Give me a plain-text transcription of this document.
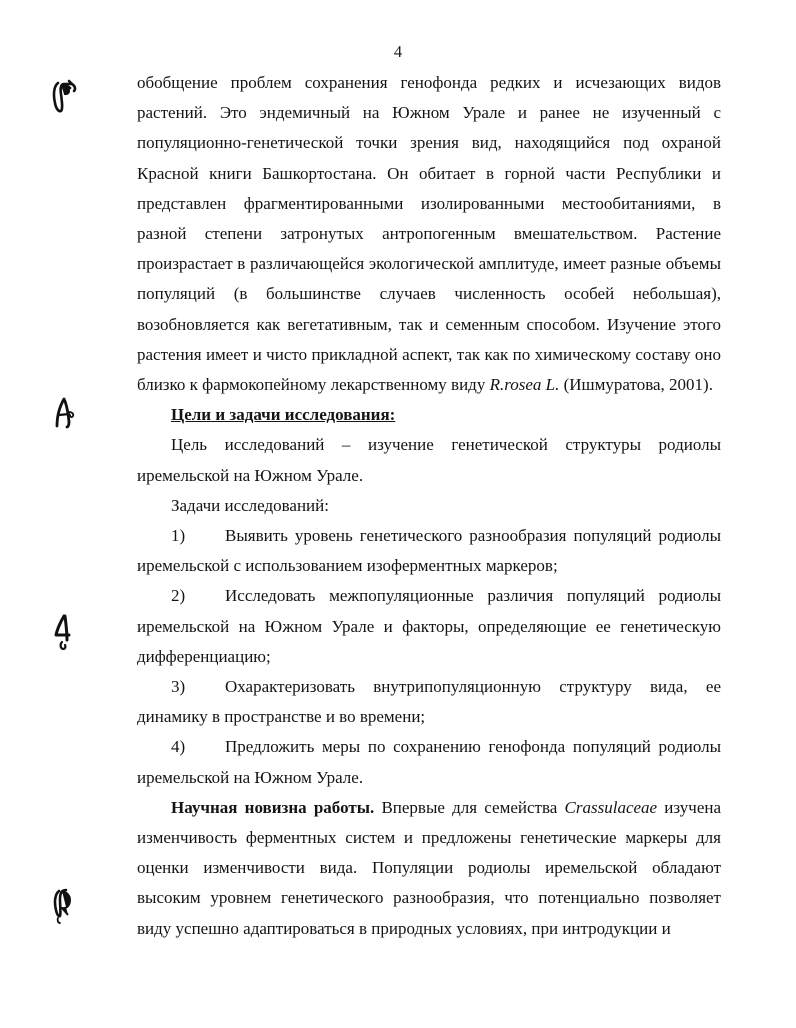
4

обобщение проблем сохранения генофонда редких и исчезающих видов растений. Это эндемичный на Южном Урале и ранее не изученный с популяционно-генетической точки зрения вид, находящийся под охраной Красной книги Башкортостана. Он обитает в горной части Республики и представлен фрагментированными изолированными местообитаниями, в разной степени затронутых антропогенным вмешательством. Растение произрастает в различающейся экологической амплитуде, имеет разные объемы популяций (в большинстве случаев численность особей небольшая), возобновляется как вегетативным, так и семенным способом. Изучение этого растения имеет и чисто прикладной аспект, так как по химическому составу оно близко к фармокопейному лекарственному виду R.rosea L. (Ишмуратова, 2001).

Цели и задачи исследования:

Цель исследований – изучение генетической структуры родиолы иремельской на Южном Урале.

Задачи исследований:

1) Выявить уровень генетического разнообразия популяций родиолы иремельской с использованием изоферментных маркеров;

2) Исследовать межпопуляционные различия популяций родиолы иремельской на Южном Урале и факторы, определяющие ее генетическую дифференциацию;

3) Охарактеризовать внутрипопуляционную структуру вида, ее динамику в пространстве и во времени;

4) Предложить меры по сохранению генофонда популяций родиолы иремельской на Южном Урале.

Научная новизна работы. Впервые для семейства Crassulaceae изучена изменчивость ферментных систем и предложены генетические маркеры для оценки изменчивости вида. Популяции родиолы иремельской обладают высоким уровнем генетического разнообразия, что потенциально позволяет виду успешно адаптироваться в природных условиях, при интродукции и
